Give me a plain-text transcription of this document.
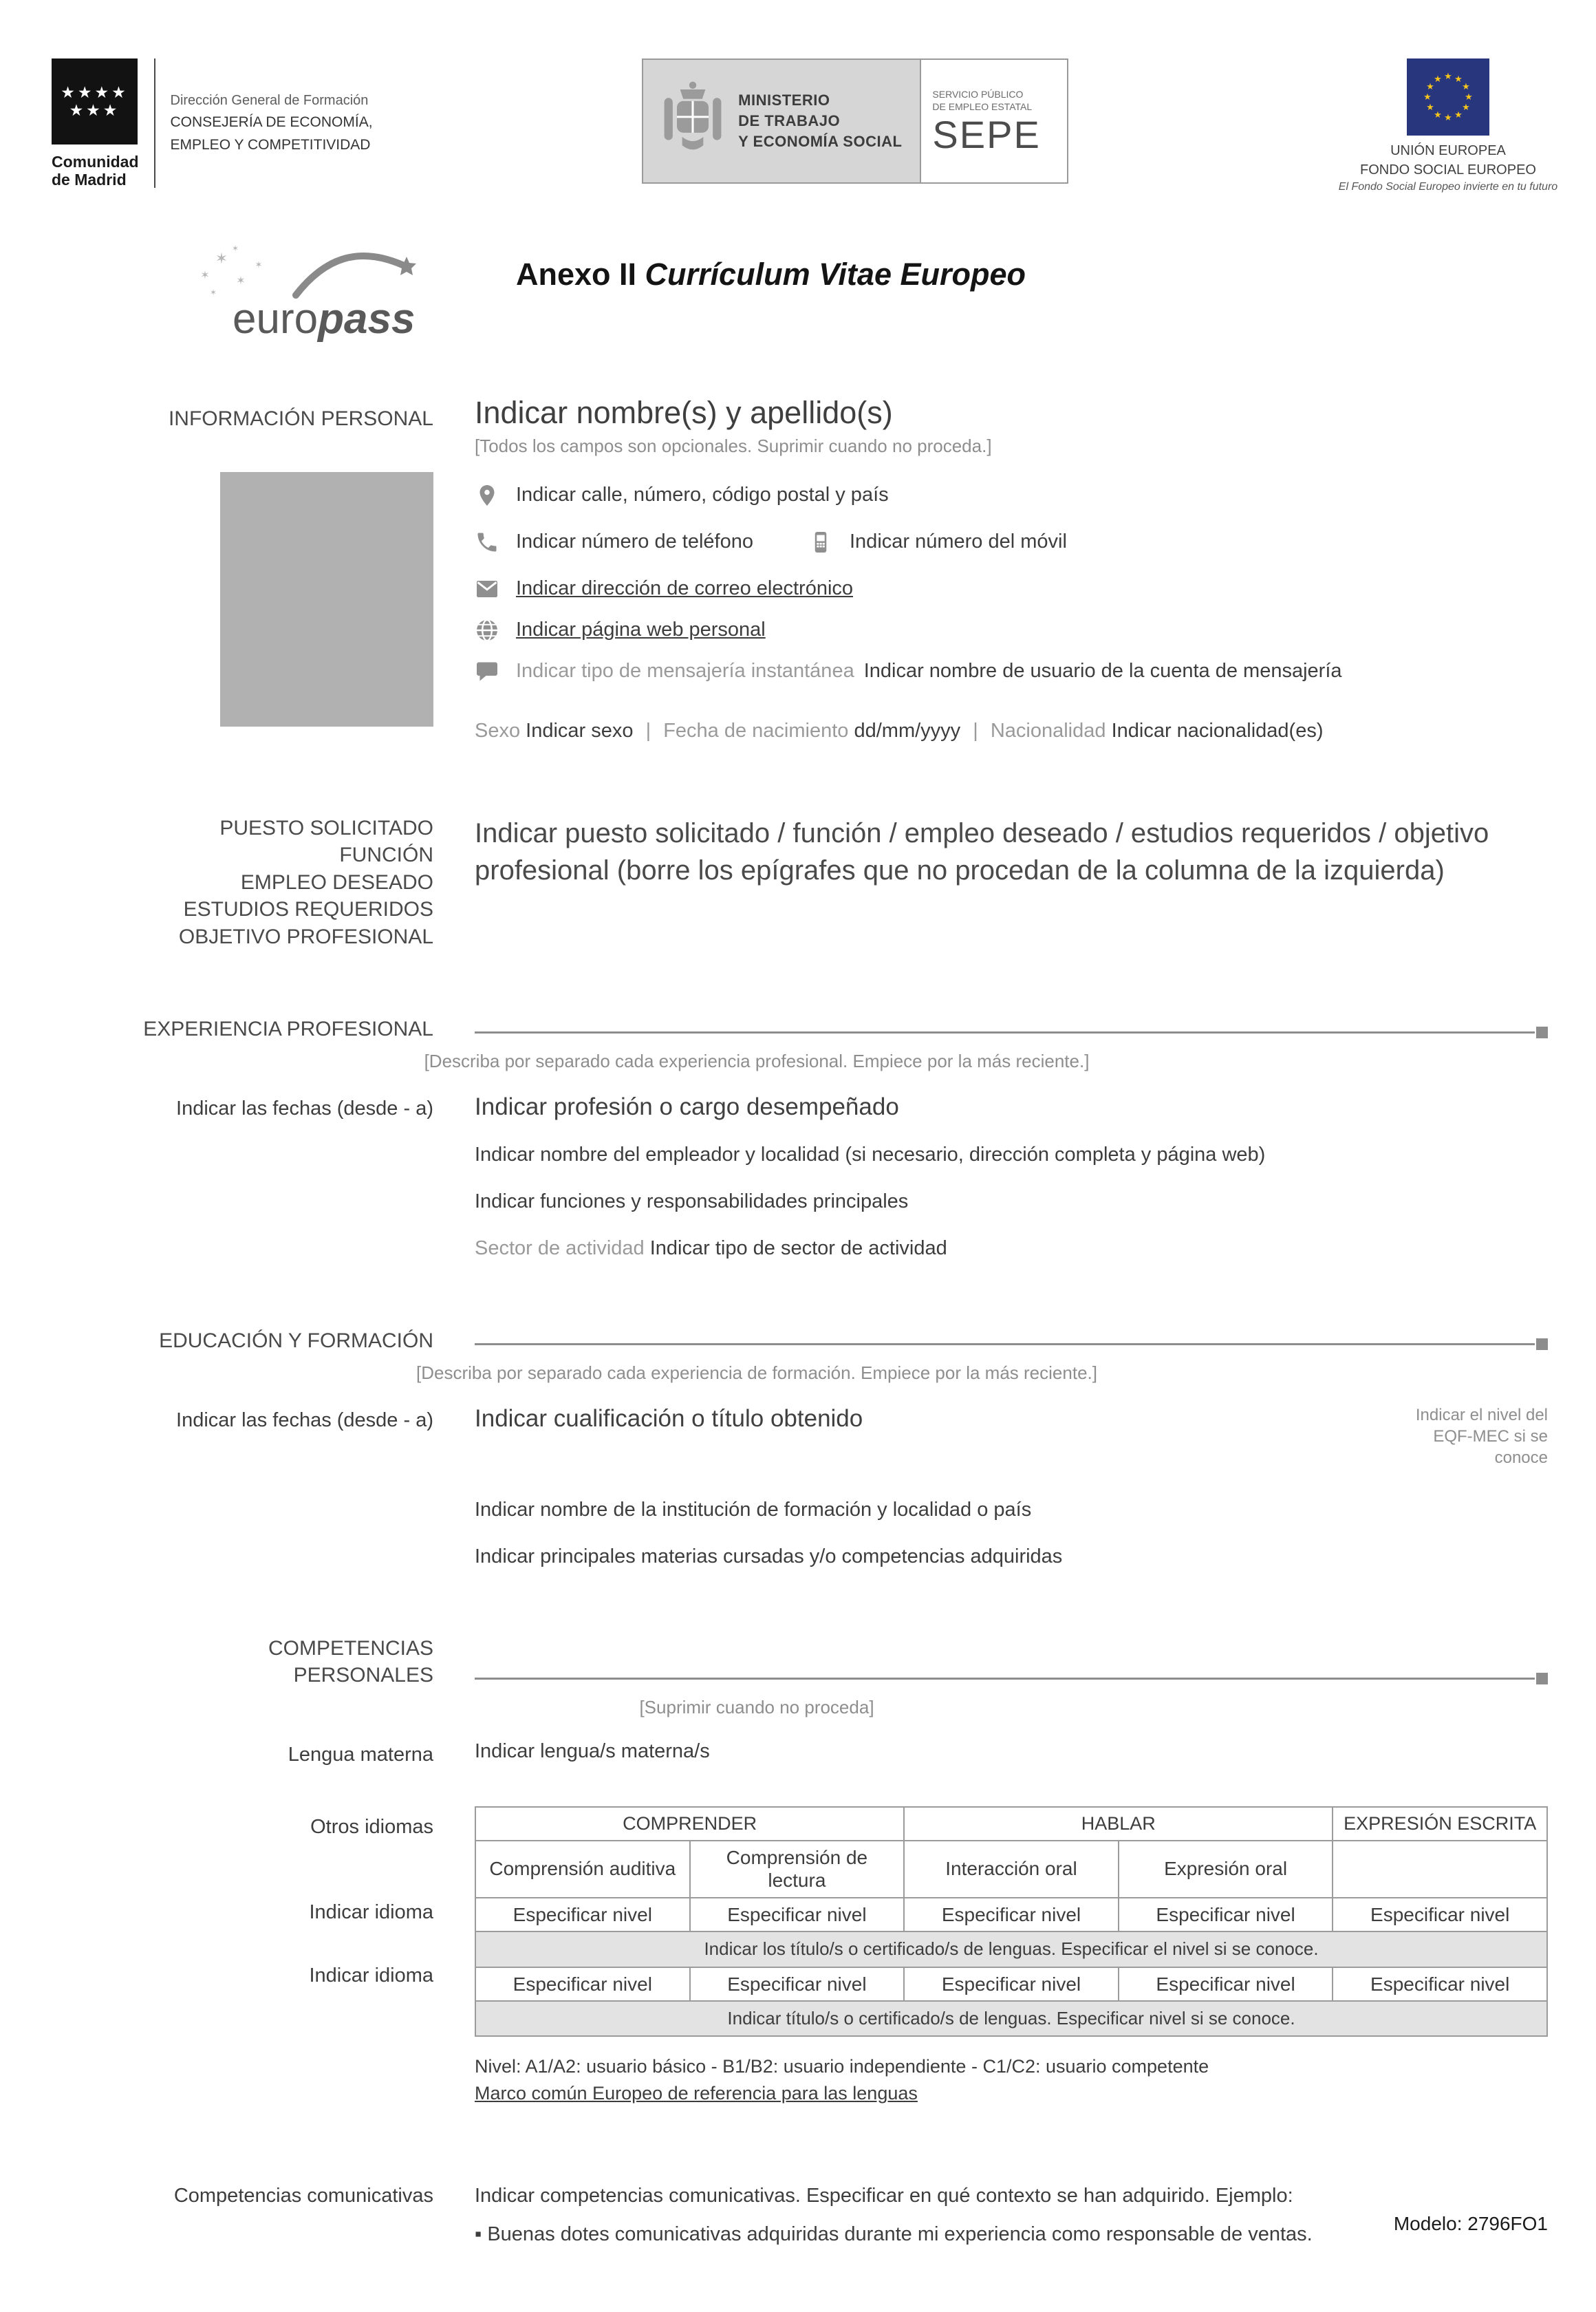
★★★★
★★★
Comunidad
de Madrid
Dirección General de Formación
CONSEJERÍA DE ECONOMÍA,
EMPLEO Y COMPETITIVIDAD
MINISTERIO
DE TRABAJO
Y ECONOMÍA SOCIAL
SERVICIO PÚBLICO
DE EMPLEO ESTATAL
SEPE
★ ★
★
★
★
★
★
★
★
★
★
★
UNIÓN EUROPEA
FONDO SOCIAL EUROPEO
El Fondo Social Europeo invierte en tu futuro
✶
✶
✶
✶
✶
✶
europass
Anexo II Currículum Vitae Europeo
INFORMACIÓN PERSONAL Indicar nombre(s) y apellido(s)
[Todos los campos son opcionales. Suprimir cuando no proceda.]
Indicar calle, número, código postal y país
Indicar número de teléfono	Indicar número del móvil
Indicar dirección de correo electrónico
Indicar página web personal
Indicar tipo de mensajería instantánea Indicar nombre de usuario de la cuenta de mensajería
Sexo Indicar sexo | Fecha de nacimiento dd/mm/yyyy | Nacionalidad Indicar nacionalidad(es)
PUESTO SOLICITADO
FUNCIÓN
EMPLEO DESEADO
ESTUDIOS REQUERIDOS
OBJETIVO PROFESIONAL
Indicar puesto solicitado / función / empleo deseado / estudios requeridos / objetivo profesional (borre los epígrafes que no procedan de la columna de la izquierda)
EXPERIENCIA PROFESIONAL
[Describa por separado cada experiencia profesional. Empiece por la más reciente.]
Indicar las fechas (desde - a) Indicar profesión o cargo desempeñado
Indicar nombre del empleador y localidad (si necesario, dirección completa y página web)
Indicar funciones y responsabilidades principales
Sector de actividad Indicar tipo de sector de actividad
EDUCACIÓN Y FORMACIÓN
[Describa por separado cada experiencia de formación. Empiece por la más reciente.]
Indicar las fechas (desde - a) Indicar cualificación o título obtenido	Indicar el nivel del EQF-MEC si se conoce
Indicar nombre de la institución de formación y localidad o país
Indicar principales materias cursadas y/o competencias adquiridas
COMPETENCIAS
PERSONALES
[Suprimir cuando no proceda]
Lengua materna Indicar lengua/s materna/s
Otros idiomas
Indicar idioma
Indicar idioma
COMPRENDER		HABLAR		EXPRESIÓN ESCRITA
Comprensión auditiva	Comprensión de lectura	Interacción oral	Expresión oral	
Especificar nivel	Especificar nivel	Especificar nivel	Especificar nivel	Especificar nivel
Indicar los título/s o certificado/s de lenguas. Especificar el nivel si se conoce.				
Especificar nivel	Especificar nivel	Especificar nivel	Especificar nivel	Especificar nivel
Indicar título/s o certificado/s de lenguas. Especificar nivel si se conoce.				
Nivel: A1/A2: usuario básico - B1/B2: usuario independiente - C1/C2: usuario competente
Marco común Europeo de referencia para las lenguas
Competencias comunicativas Indicar competencias comunicativas. Especificar en qué contexto se han adquirido. Ejemplo:
▪ Buenas dotes comunicativas adquiridas durante mi experiencia como responsable de ventas.	Modelo: 2796FO1
